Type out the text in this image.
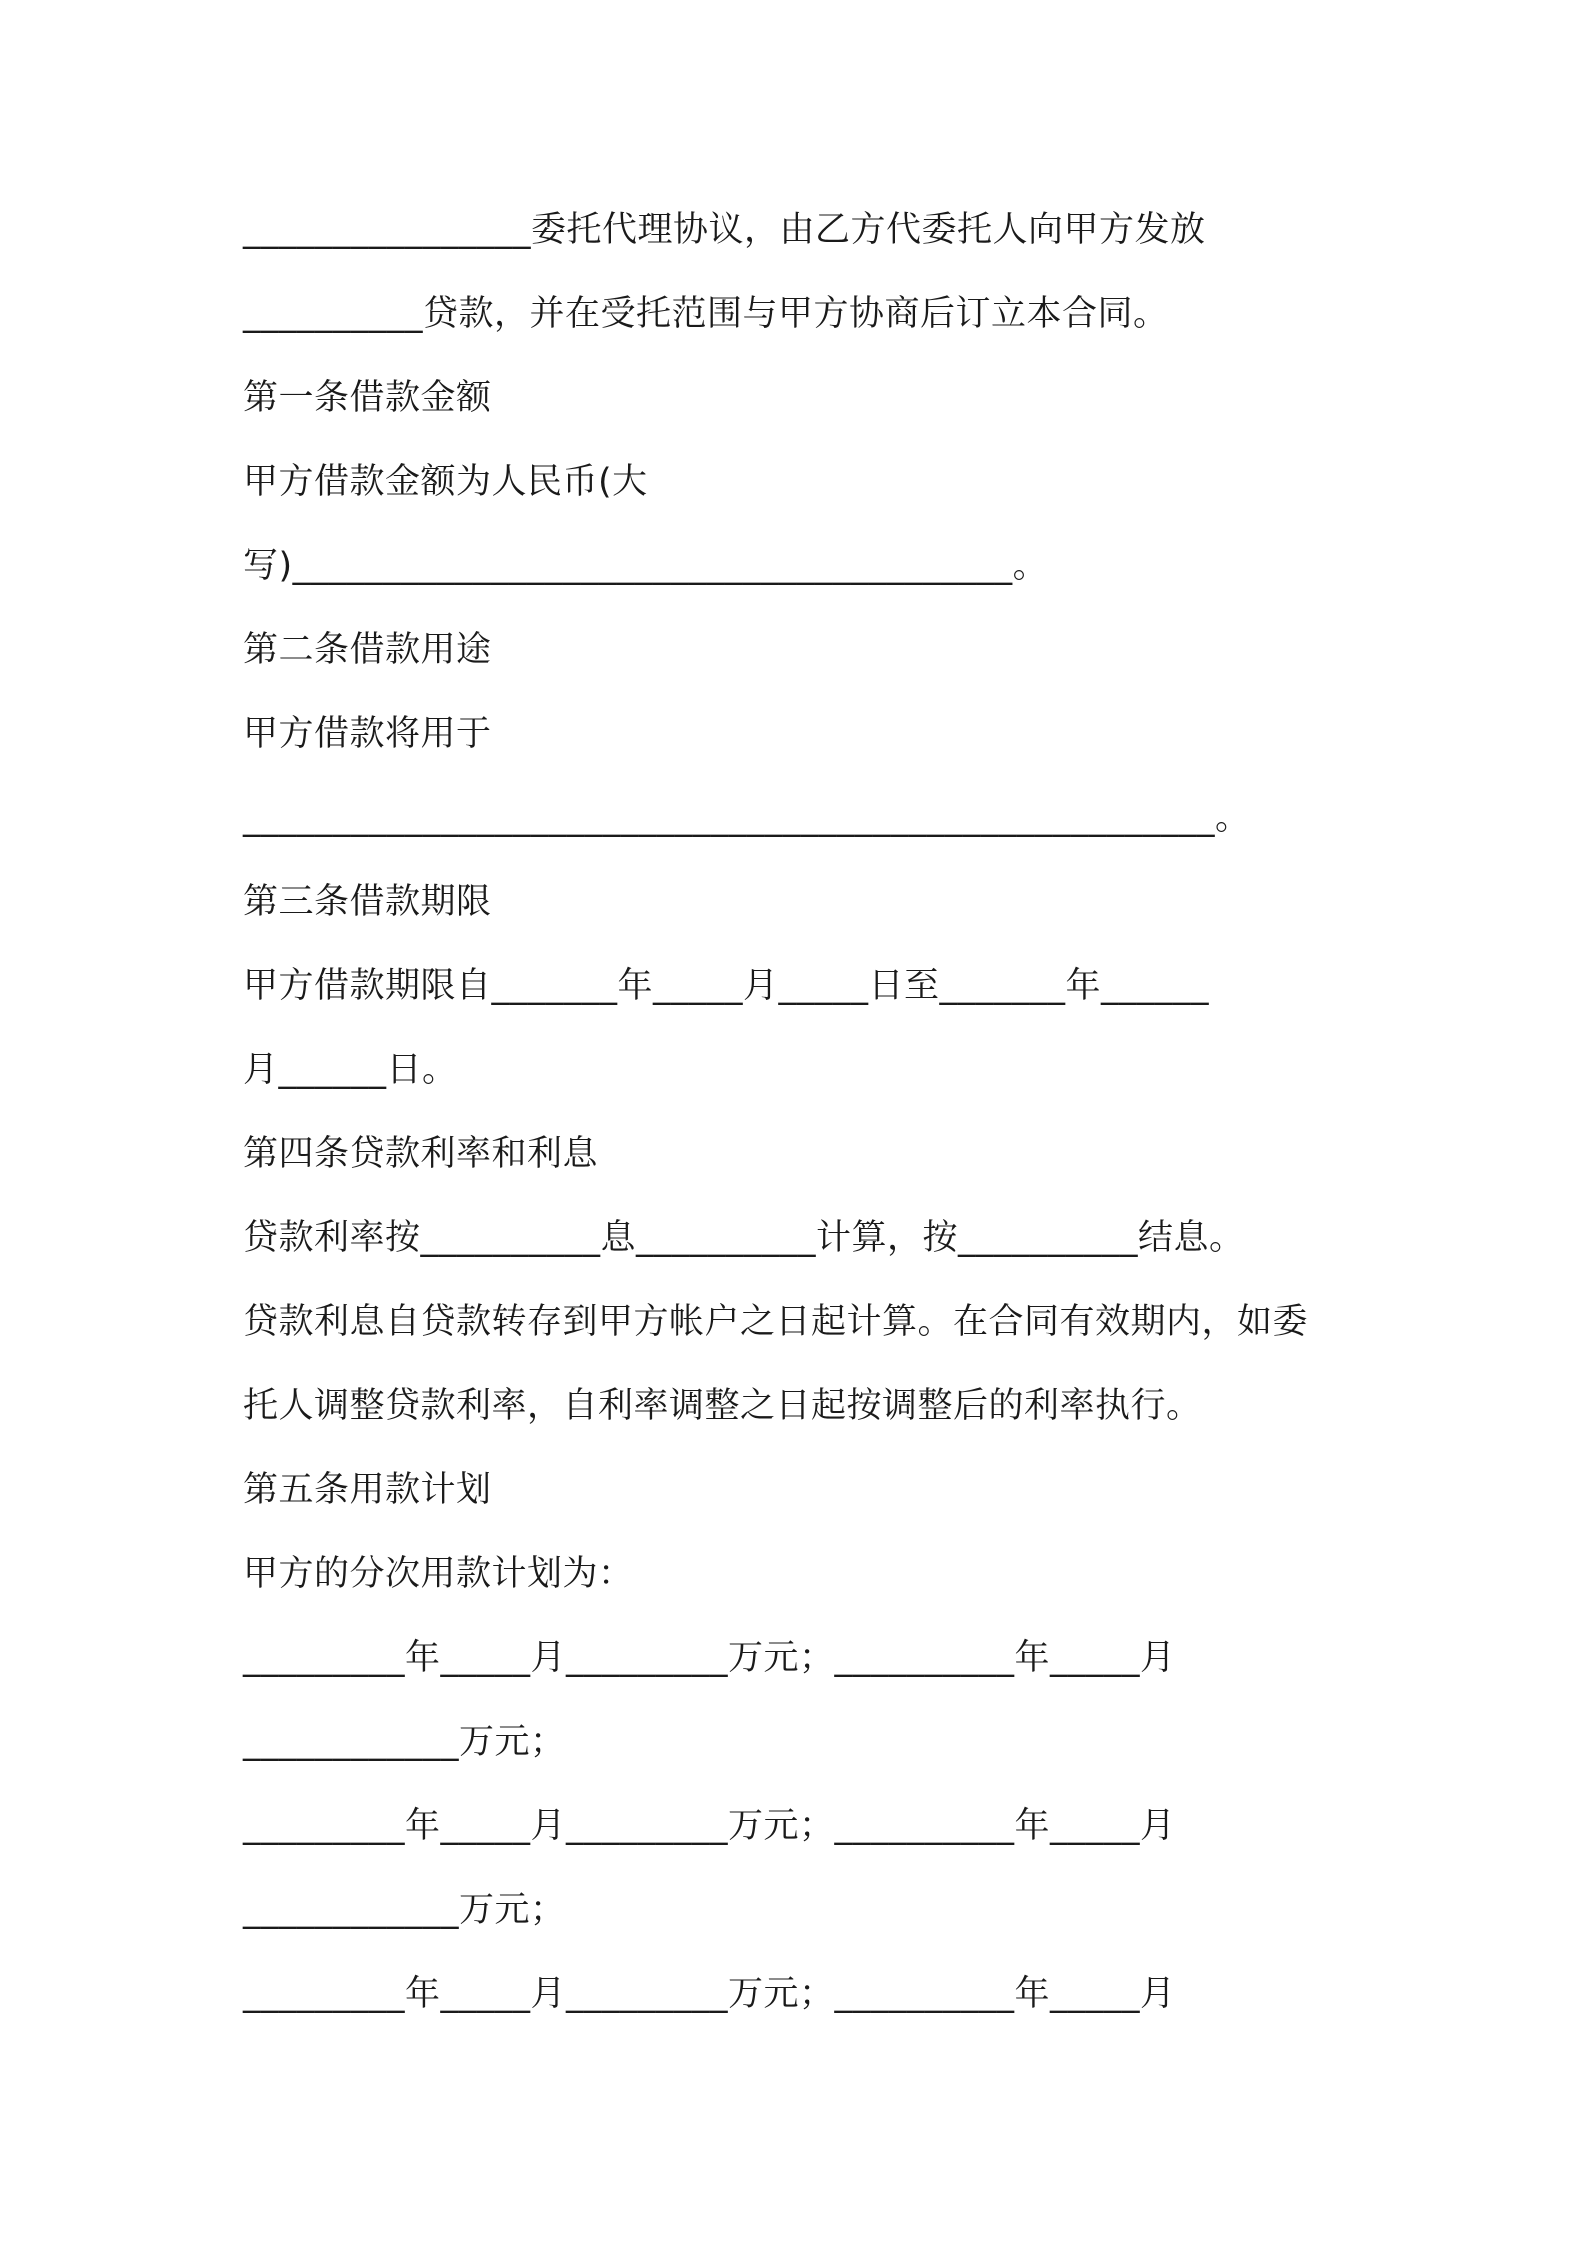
________________委托代理协议，由乙方代委托人向甲方发放
__________贷款，并在受托范围与甲方协商后订立本合同。
第一条借款金额
甲方借款金额为人民币(大
写)________________________________________。
第二条借款用途
甲方借款将用于
______________________________________________________。
第三条借款期限
甲方借款期限自_______年_____月_____日至_______年______
月______日。
第四条贷款利率和利息
贷款利率按__________息__________计算，按__________结息。
贷款利息自贷款转存到甲方帐户之日起计算。在合同有效期内，如委
托人调整贷款利率，自利率调整之日起按调整后的利率执行。
第五条用款计划
甲方的分次用款计划为：
_________年_____月_________万元；__________年_____月
____________万元；
_________年_____月_________万元；__________年_____月
____________万元；
_________年_____月_________万元；__________年_____月
